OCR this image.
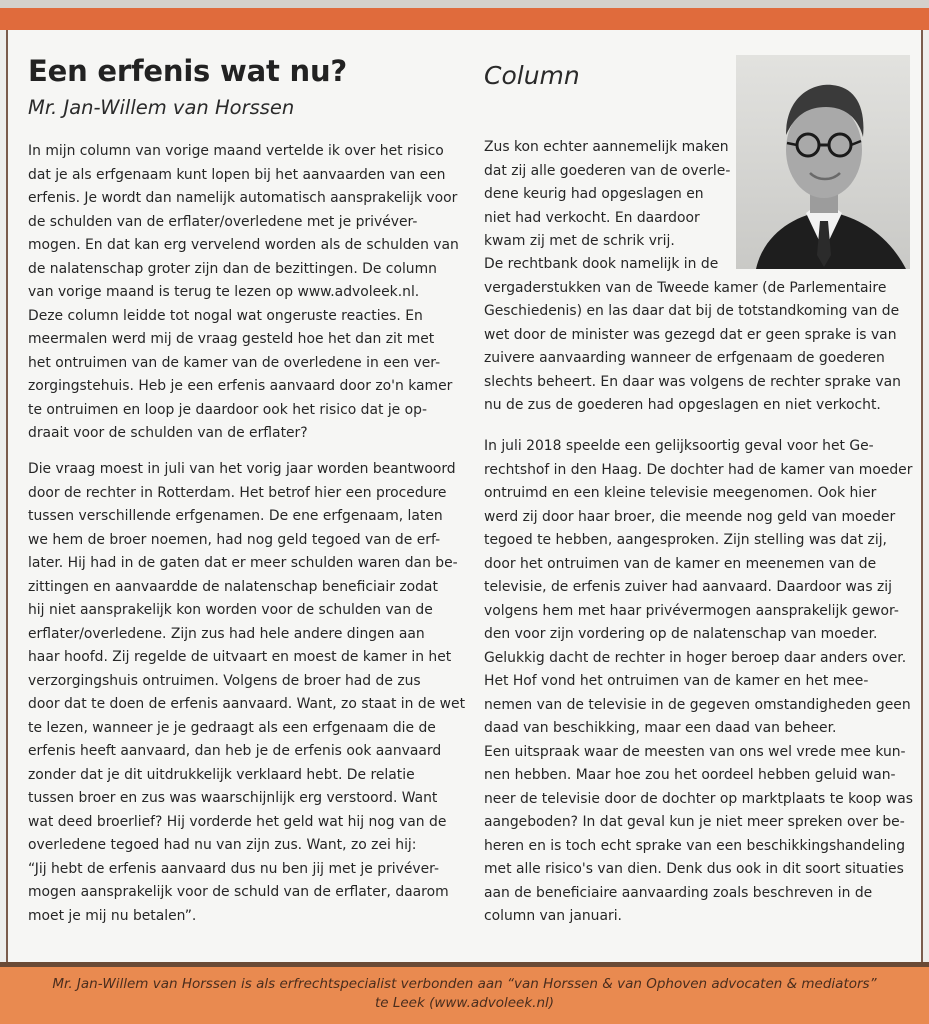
Een erfenis wat nu?
Mr. Jan-Willem van Horssen
Column
In mijn column van vorige maand vertelde ik over het risico
dat je als erfgenaam kunt lopen bij het aanvaarden van een
erfenis. Je wordt dan namelijk automatisch aansprakelijk voor
de schulden van de erflater/overledene met je privéver-
mogen. En dat kan erg vervelend worden als de schulden van
de nalatenschap groter zijn dan de bezittingen. De column
van vorige maand is terug te lezen op www.advoleek.nl.
Deze column leidde tot nogal wat ongeruste reacties. En
meermalen werd mij de vraag gesteld hoe het dan zit met
het ontruimen van de kamer van de overledene in een ver-
zorgingstehuis. Heb je een erfenis aanvaard door zo'n kamer
te ontruimen en loop je daardoor ook het risico dat je op-
draait voor de schulden van de erflater?
Die vraag moest in juli van het vorig jaar worden beantwoord
door de rechter in Rotterdam. Het betrof hier een procedure
tussen verschillende erfgenamen. De ene erfgenaam, laten
we hem de broer noemen, had nog geld tegoed van de erf-
later. Hij had in de gaten dat er meer schulden waren dan be-
zittingen en aanvaardde de nalatenschap beneficiair zodat
hij niet aansprakelijk kon worden voor de schulden van de
erflater/overledene. Zijn zus had hele andere dingen aan
haar hoofd. Zij regelde de uitvaart en moest de kamer in het
verzorgingshuis ontruimen. Volgens de broer had de zus
door dat te doen de erfenis aanvaard. Want, zo staat in de wet
te lezen, wanneer je je gedraagt als een erfgenaam die de
erfenis heeft aanvaard, dan heb je de erfenis ook aanvaard
zonder dat je dit uitdrukkelijk verklaard hebt. De relatie
tussen broer en zus was waarschijnlijk erg verstoord. Want
wat deed broerlief? Hij vorderde het geld wat hij nog van de
overledene tegoed had nu van zijn zus. Want, zo zei hij:
“Jij hebt de erfenis aanvaard dus nu ben jij met je privéver-
mogen aansprakelijk voor de schuld van de erflater, daarom
moet je mij nu betalen”.
Zus kon echter aannemelijk maken
dat zij alle goederen van de overle-
dene keurig had opgeslagen en
niet had verkocht. En daardoor
kwam zij met de schrik vrij.
De rechtbank dook namelijk in de
vergaderstukken van de Tweede kamer (de Parlementaire
Geschiedenis) en las daar dat bij de totstandkoming van de
wet door de minister was gezegd dat er geen sprake is van
zuivere aanvaarding wanneer de erfgenaam de goederen
slechts beheert. En daar was volgens de rechter sprake van
nu de zus de goederen had opgeslagen en niet verkocht.
In juli 2018 speelde een gelijksoortig geval voor het Ge-
rechtshof in den Haag. De dochter had de kamer van moeder
ontruimd en een kleine televisie meegenomen. Ook hier
werd zij door haar broer, die meende nog geld van moeder
tegoed te hebben, aangesproken. Zijn stelling was dat zij,
door het ontruimen van de kamer en meenemen van de
televisie, de erfenis zuiver had aanvaard. Daardoor was zij
volgens hem met haar privévermogen aansprakelijk gewor-
den voor zijn vordering op de nalatenschap van moeder.
Gelukkig dacht de rechter in hoger beroep daar anders over.
Het Hof vond het ontruimen van de kamer en het mee-
nemen van de televisie in de gegeven omstandigheden geen
daad van beschikking, maar een daad van beheer.
Een uitspraak waar de meesten van ons wel vrede mee kun-
nen hebben. Maar hoe zou het oordeel hebben geluid wan-
neer de televisie door de dochter op marktplaats te koop was
aangeboden? In dat geval kun je niet meer spreken over be-
heren en is toch echt sprake van een beschikkingshandeling
met alle risico's van dien. Denk dus ook in dit soort situaties
aan de beneficiaire aanvaarding zoals beschreven in de
column van januari.
Mr. Jan-Willem van Horssen is als erfrechtspecialist verbonden aan “van Horssen & van Ophoven advocaten & mediators”
te Leek (www.advoleek.nl)
